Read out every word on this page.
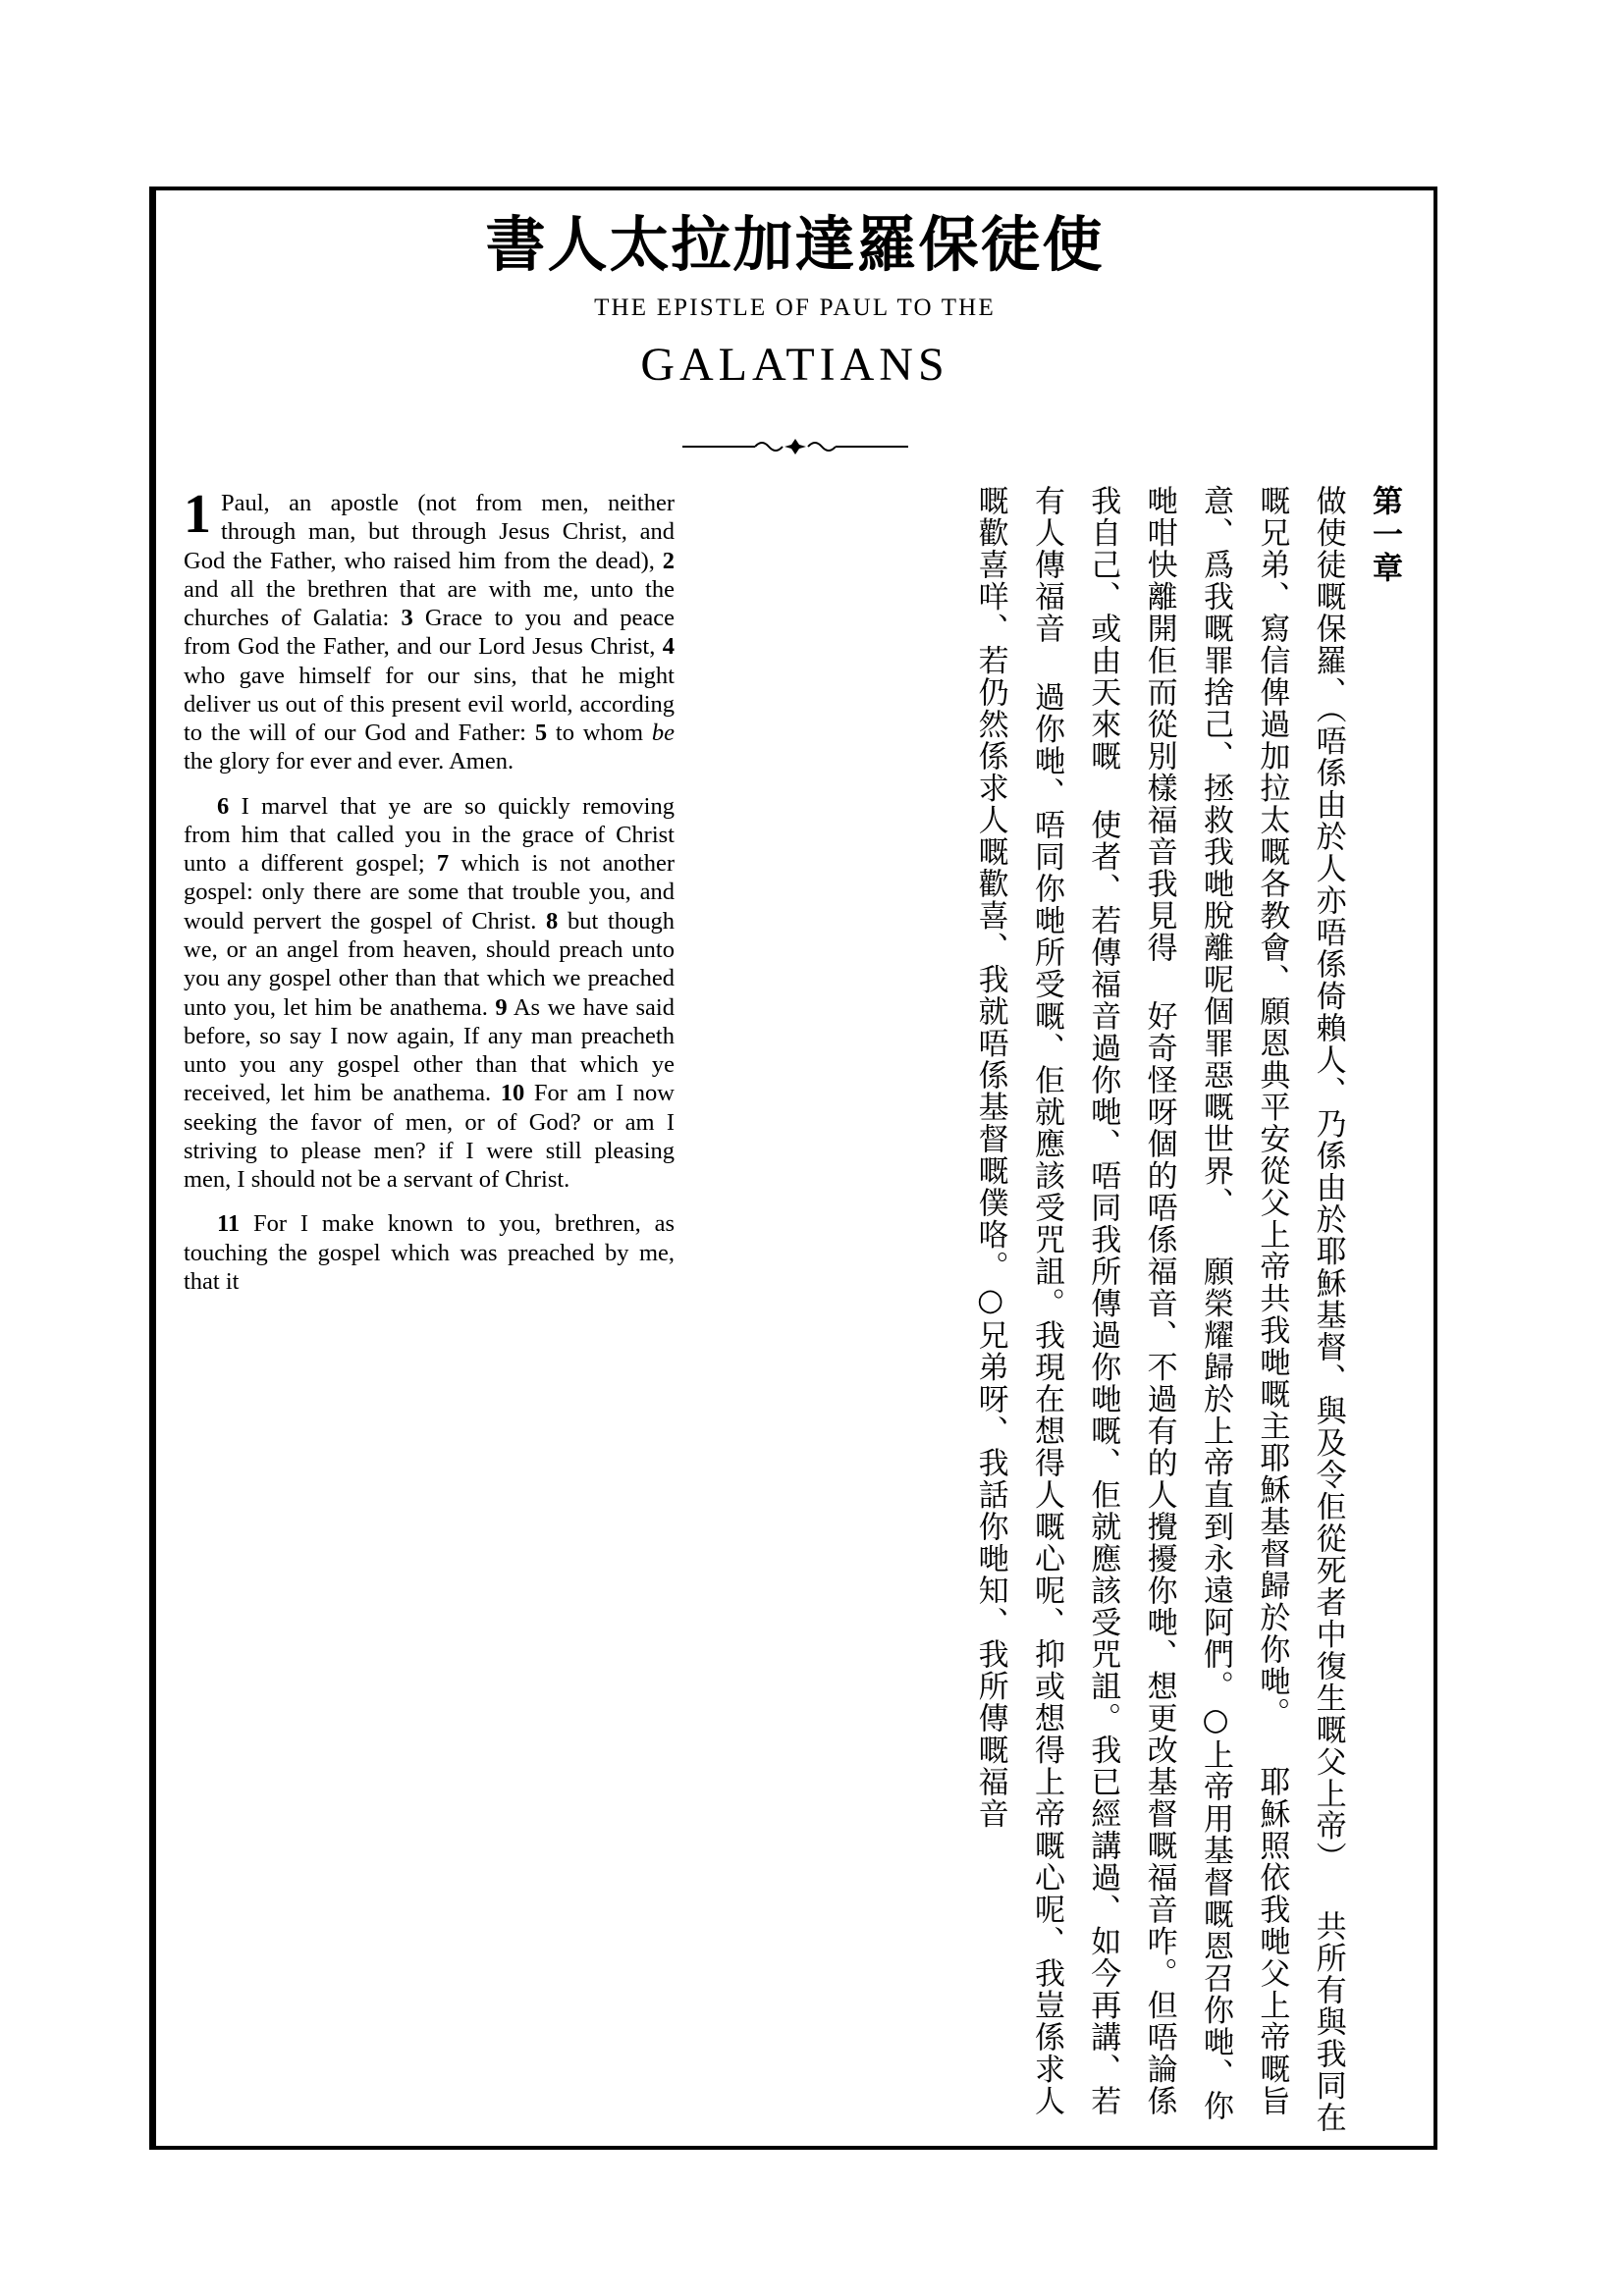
書人太拉加達羅保徒使
THE EPISTLE OF PAUL TO THE
GALATIANS

1 Paul, an apostle (not from men, neither through man, but through Jesus Christ, and God the Father, who raised him from the dead), 2 and all the brethren that are with me, unto the churches of Galatia: 3 Grace to you and peace from God the Father, and our Lord Jesus Christ, 4 who gave himself for our sins, that he might deliver us out of this present evil world, according to the will of our God and Father: 5 to whom be the glory for ever and ever. Amen.

6 I marvel that ye are so quickly removing from him that called you in the grace of Christ unto a different gospel; 7 which is not another gospel: only there are some that trouble you, and would pervert the gospel of Christ. 8 but though we, or an angel from heaven, should preach unto you any gospel other than that which we preached unto you, let him be anathema. 9 As we have said before, so say I now again, If any man preacheth unto you any gospel other than that which ye received, let him be anathema. 10 For am I now seeking the favor of men, or of God? or am I striving to please men? if I were still pleasing men, I should not be a servant of Christ.

11 For I make known to you, brethren, as touching the gospel which was preached by me, that it

第一章

做使徒嘅保羅、（唔係由於人亦唔係倚賴人、乃係由於耶穌基督、與及令佢從死者中復生嘅父上帝）

共所有與我同在嘅兄弟、寫信俾過加拉太嘅各教會、願恩典平安從父上帝共我哋嘅主耶穌基督歸於你哋。

耶穌照依我哋父上帝嘅旨意、爲我嘅罪捨己、拯救我哋脫離呢個罪惡嘅世界、

願榮耀歸於上帝直到永遠阿們。○上帝用基督嘅恩召你哋、你哋咁快離開佢而從別樣福音我見得

好奇怪呀個的唔係福音、不過有的人攪擾你哋、想更改基督嘅福音咋。但唔論係我自己、或由天來嘅

使者、若傳福音過你哋、唔同我所傳過你哋嘅、佢就應該受咒詛。我已經講過、如今再講、若有人傳福音

過你哋、唔同你哋所受嘅、佢就應該受咒詛。我現在想得人嘅心呢、抑或想得上帝嘅心呢、我豈係求人

嘅歡喜咩、若仍然係求人嘅歡喜、我就唔係基督嘅僕咯。○兄弟呀、我話你哋知、我所傳嘅福音
